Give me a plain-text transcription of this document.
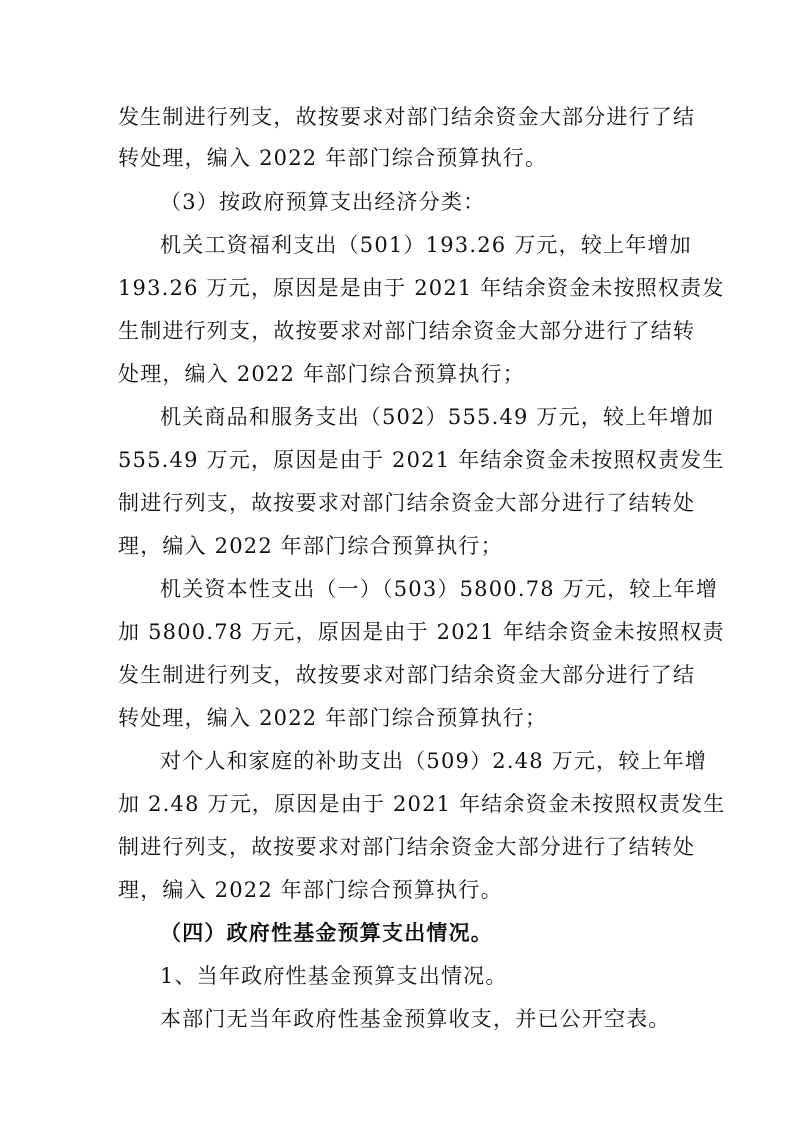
发生制进行列支，故按要求对部门结余资金大部分进行了结
转处理，编入 2022 年部门综合预算执行。
（3）按政府预算支出经济分类：
机关工资福利支出（501）193.26 万元，较上年增加
193.26 万元，原因是是由于 2021 年结余资金未按照权责发
生制进行列支，故按要求对部门结余资金大部分进行了结转
处理，编入 2022 年部门综合预算执行；
机关商品和服务支出（502）555.49 万元，较上年增加
555.49 万元，原因是由于 2021 年结余资金未按照权责发生
制进行列支，故按要求对部门结余资金大部分进行了结转处
理，编入 2022 年部门综合预算执行；
机关资本性支出（一）（503）5800.78 万元，较上年增
加 5800.78 万元，原因是由于 2021 年结余资金未按照权责
发生制进行列支，故按要求对部门结余资金大部分进行了结
转处理，编入 2022 年部门综合预算执行；
对个人和家庭的补助支出（509）2.48 万元，较上年增
加 2.48 万元，原因是由于 2021 年结余资金未按照权责发生
制进行列支，故按要求对部门结余资金大部分进行了结转处
理，编入 2022 年部门综合预算执行。
（四）政府性基金预算支出情况。
1、当年政府性基金预算支出情况。
本部门无当年政府性基金预算收支，并已公开空表。
